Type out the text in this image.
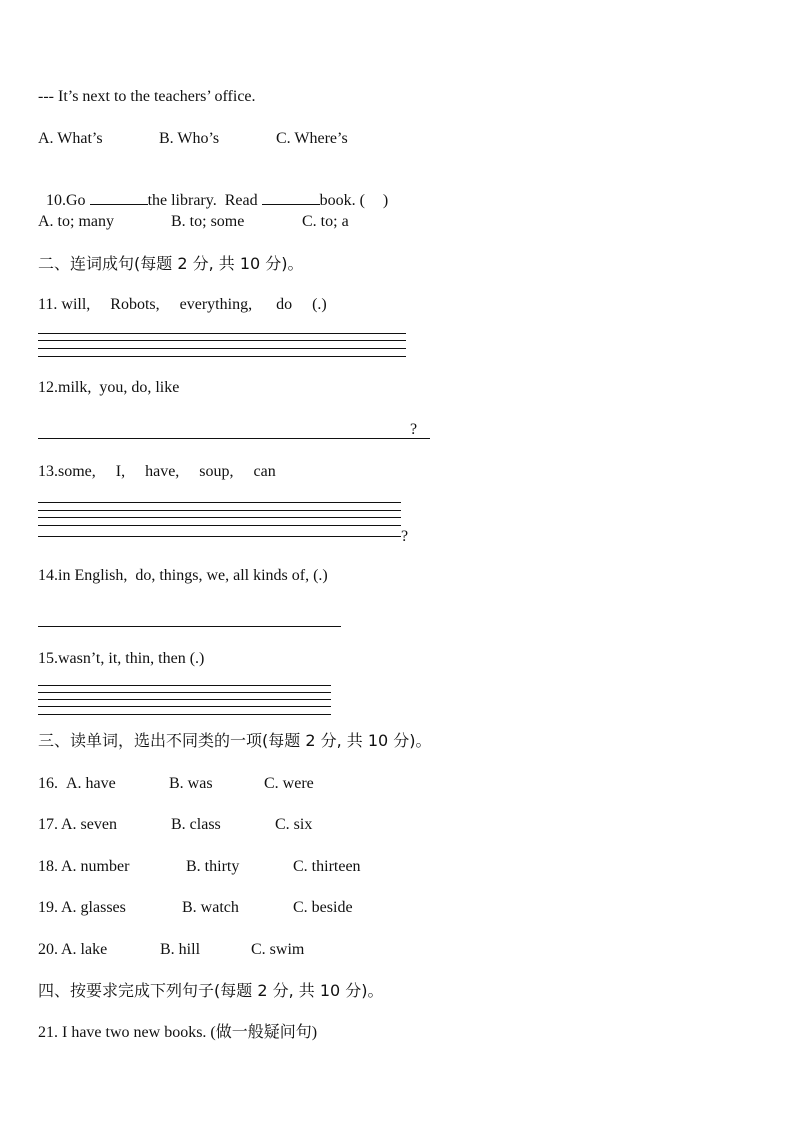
--- It’s next to the teachers’ office.
A. What’s	B. Who’s	C. Where’s

10.Go	the library.  Read	book. ( )

A. to; many	B. to; some	C. to; a
二、连词成句(每题 2 分, 共 10 分)。
11. will,     Robots,     everything,      do     (.)
12.milk,  you, do, like
?
13.some,     I,     have,     soup,     can
?
14.in English,  do, things, we, all kinds of, (.)
15.wasn’t, it, thin, then (.)
三、读单词，选出不同类的一项(每题 2 分, 共 10 分)。
16. A. have	B. was	C. were
17. A. seven	B. class	C. six
18. A. number	B. thirty	C. thirteen
19. A. glasses	B. watch	C. beside
20. A. lake	B. hill	C. swim
四、按要求完成下列句子(每题 2 分, 共 10 分)。
21. I have two new books. (做一般疑问句)
